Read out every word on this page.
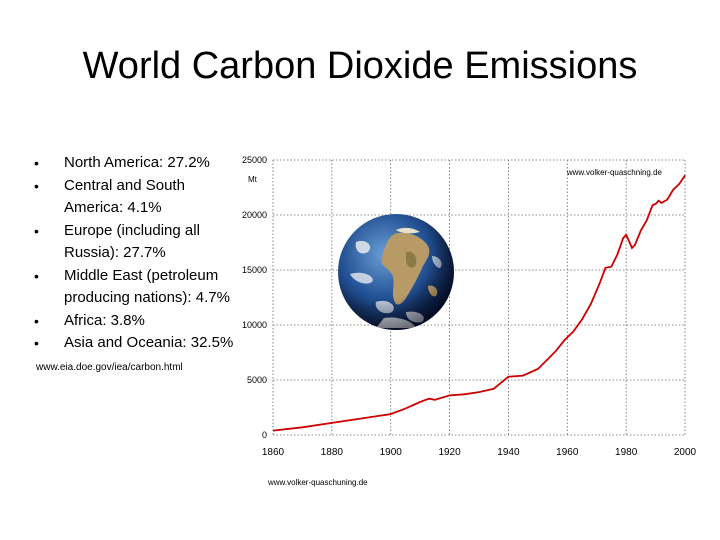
World Carbon Dioxide Emissions
• North America: 27.2%
• Central and South America: 4.1%
• Europe (including all Russia): 27.7%
• Middle East (petroleum producing nations): 4.7%
• Africa: 3.8%
• Asia and Oceania: 32.5%
www.eia.doe.gov/iea/carbon.html
0
5000
10000
15000
20000
25000
1860	1880	1900	1920	1940	1960	1980	2000
Mt
www.volker-quaschning.de
www.volker-quaschuning.de
